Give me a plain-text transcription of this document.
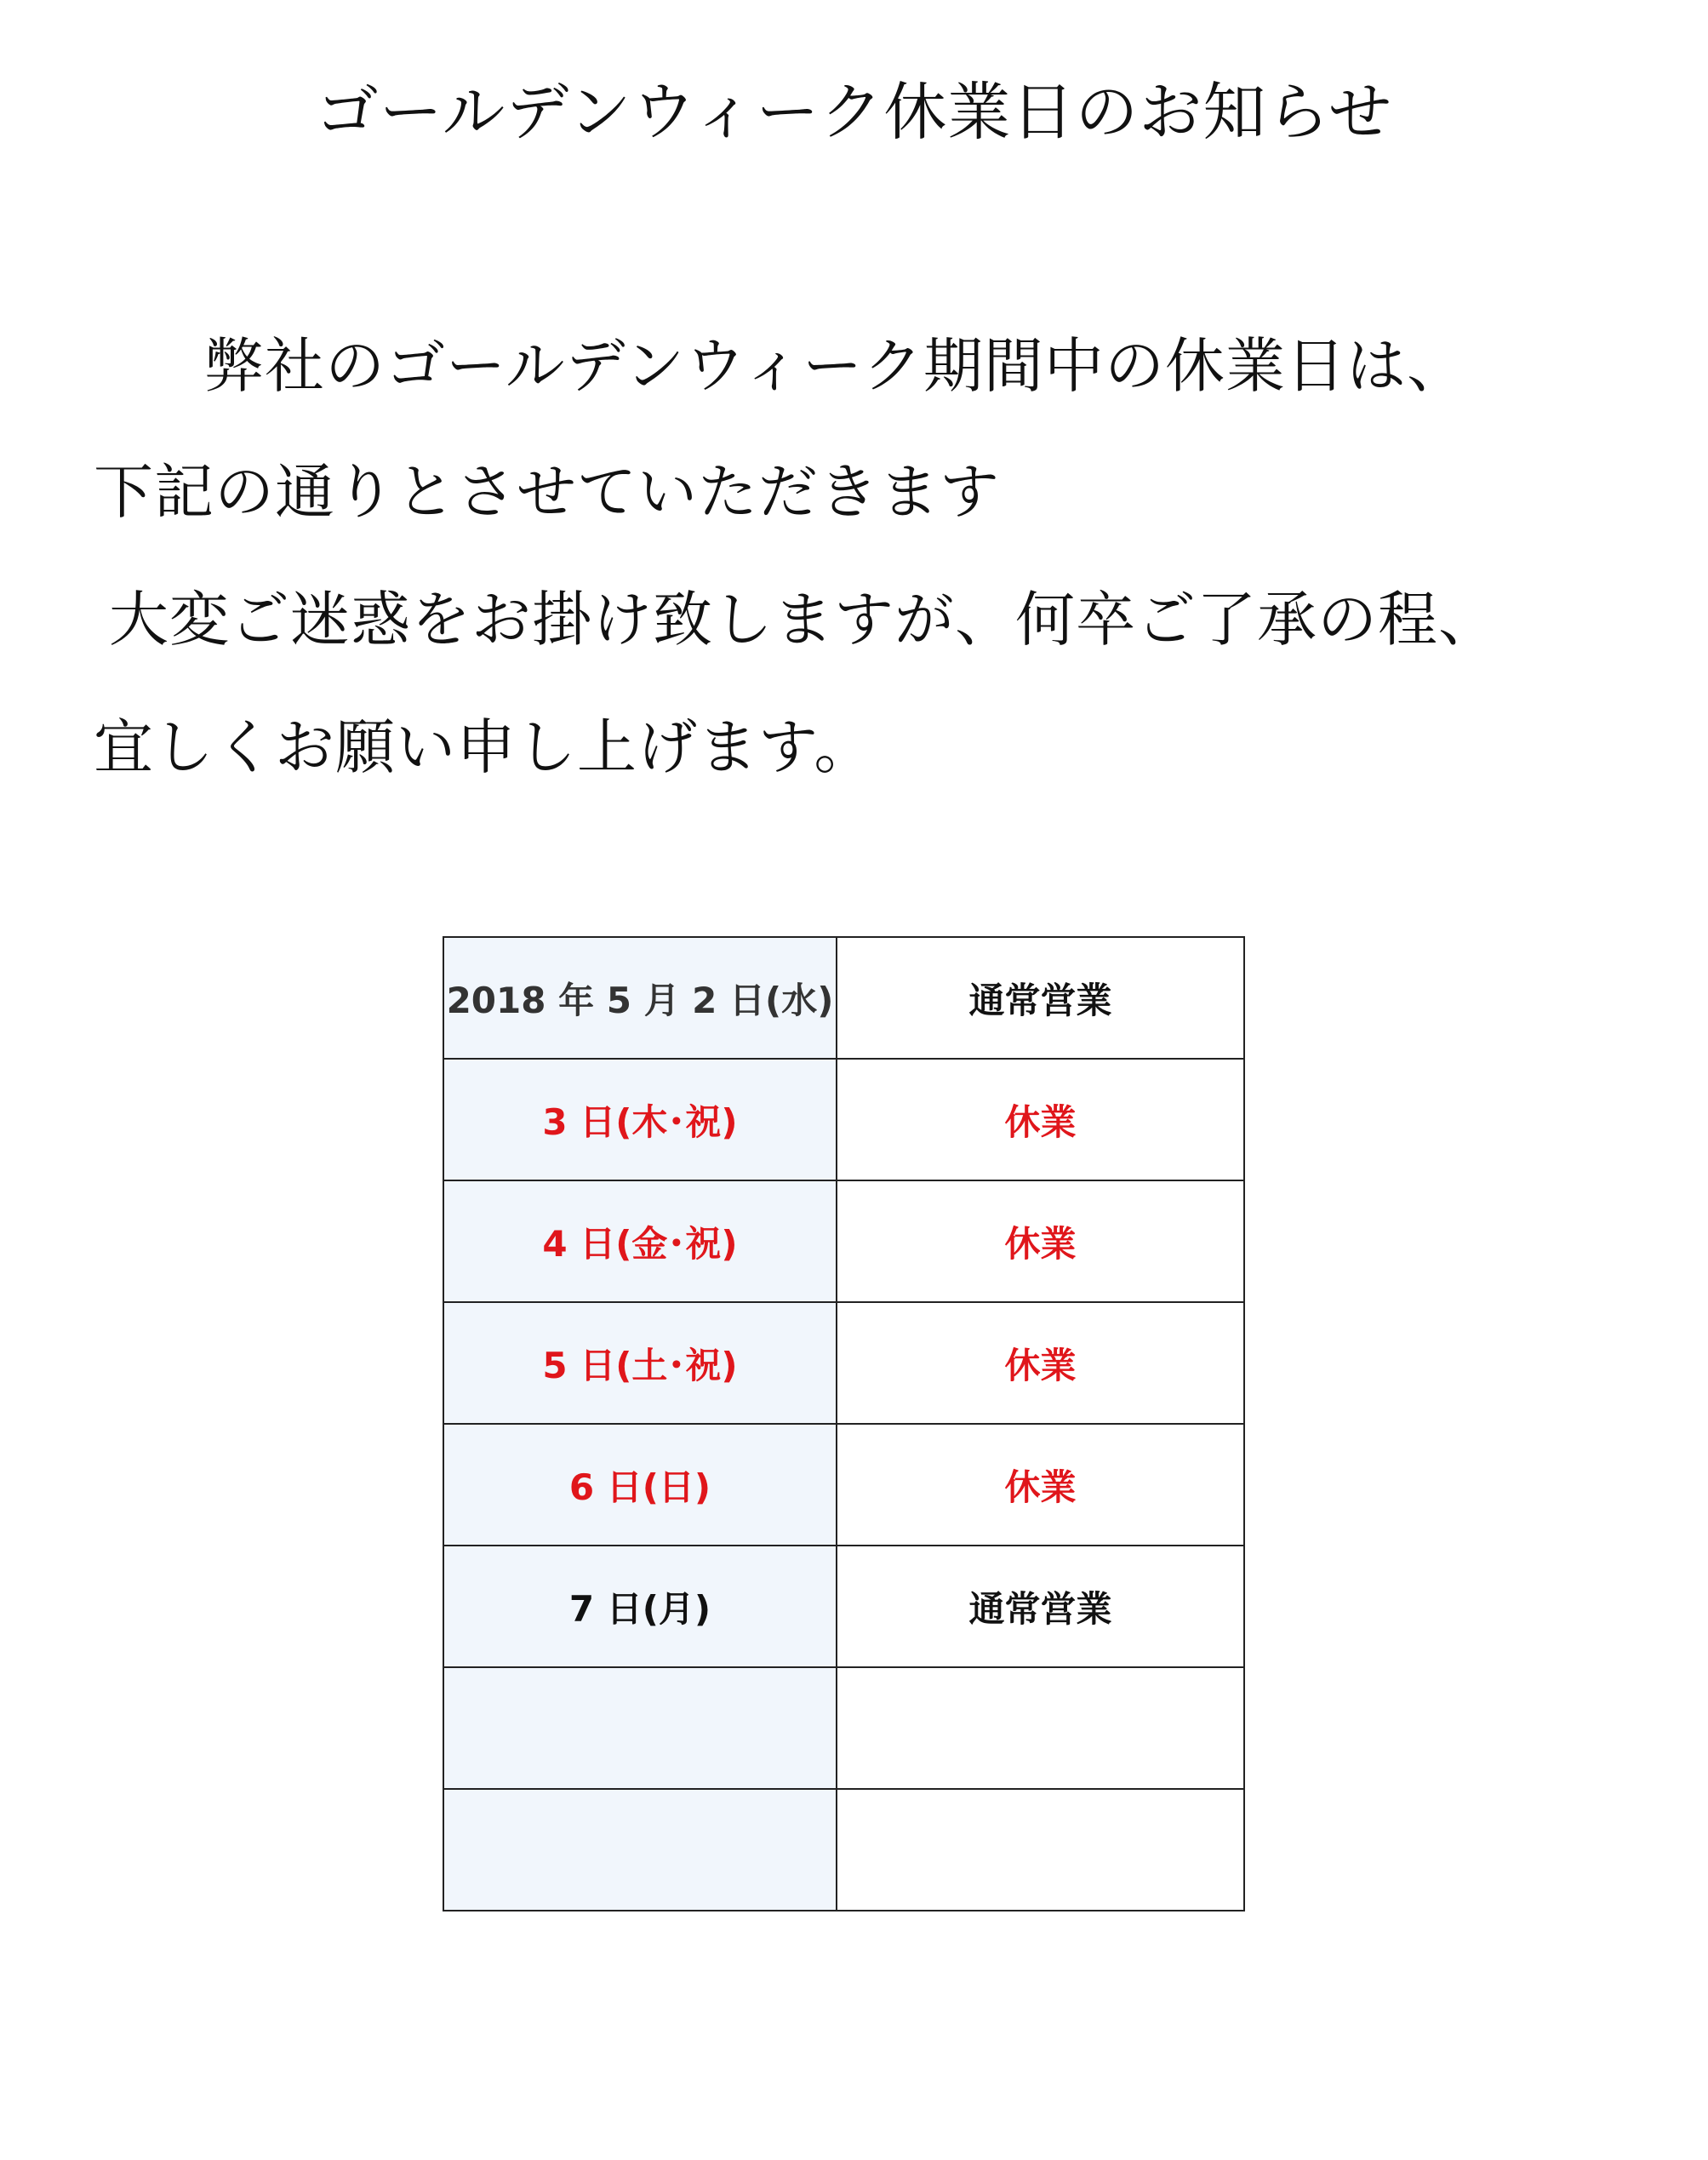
ゴールデンウィーク休業日のお知らせ
弊社のゴールデンウィーク期間中の休業日は、
下記の通りとさせていただきます
大変ご迷惑をお掛け致しますが、何卒ご了承の程、
宜しくお願い申し上げます。
2018 年 5 月 2 日(水)	通常営業
3 日(木･祝)	休業
4 日(金･祝)	休業
5 日(土･祝)	休業
6 日(日)	休業
7 日(月)	通常営業
